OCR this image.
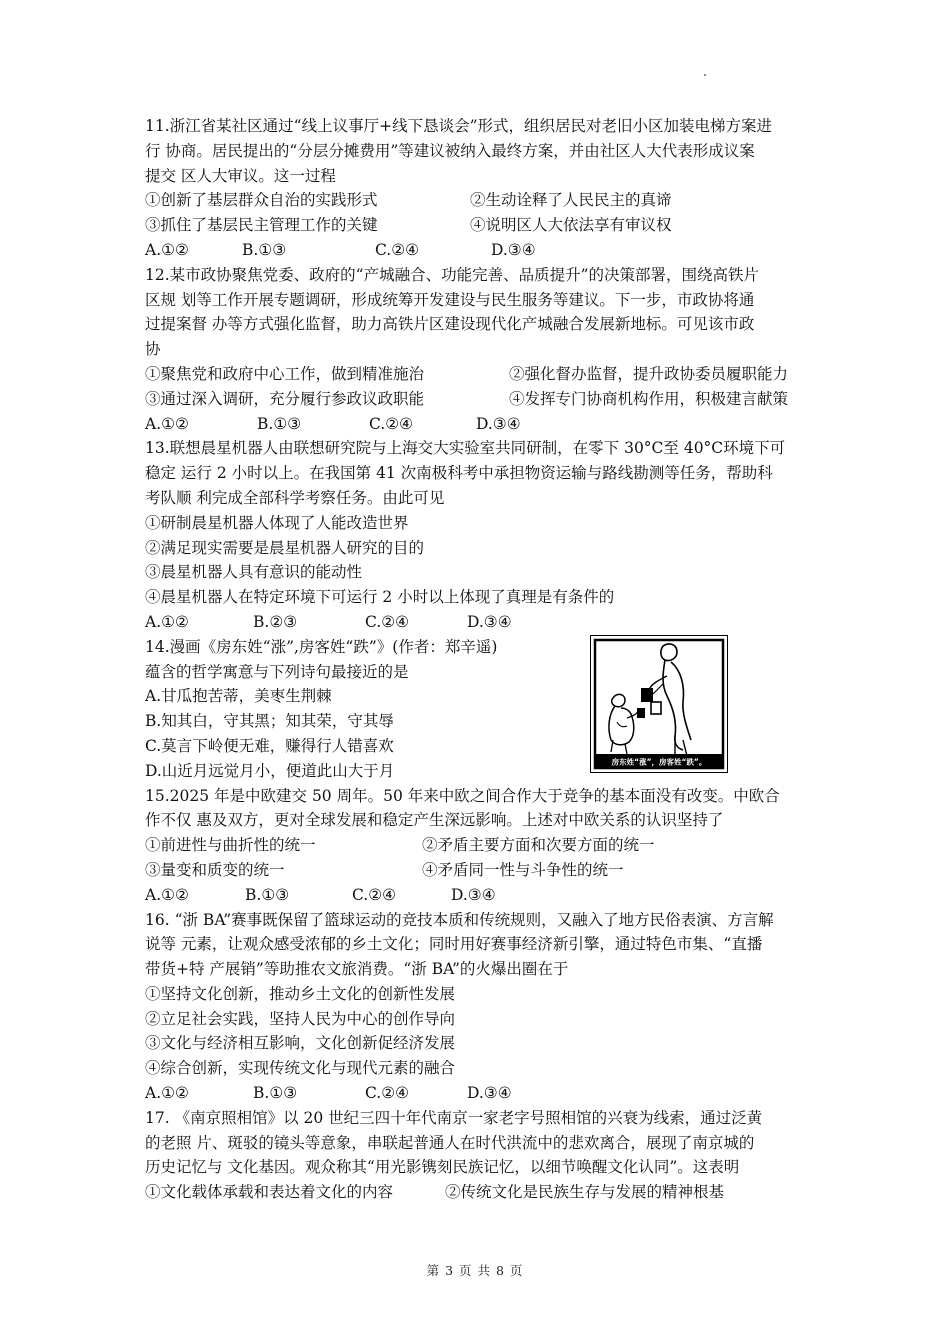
11.浙江省某社区通过“线上议事厅+线下恳谈会”形式，组织居民对老旧小区加装电梯方案进
行 协商。居民提出的“分层分摊费用”等建议被纳入最终方案，并由社区人大代表形成议案
提交 区人大审议。这一过程
①创新了基层群众自治的实践形式	②生动诠释了人民民主的真谛
③抓住了基层民主管理工作的关键	④说明区人大依法享有审议权
A.①②	B.①③	C.②④	D.③④
12.某市政协聚焦党委、政府的“产城融合、功能完善、品质提升”的决策部署，围绕高铁片
区规 划等工作开展专题调研，形成统筹开发建设与民生服务等建议。下一步，市政协将通
过提案督 办等方式强化监督，助力高铁片区建设现代化产城融合发展新地标。可见该市政
协
①聚焦党和政府中心工作，做到精准施治	②强化督办监督，提升政协委员履职能力
③通过深入调研，充分履行参政议政职能	④发挥专门协商机构作用，积极建言献策
A.①②	B.①③	C.②④	D.③④
13.联想晨星机器人由联想研究院与上海交大实验室共同研制，在零下 30°C至 40°C环境下可
稳定 运行 2 小时以上。在我国第 41 次南极科考中承担物资运输与路线勘测等任务，帮助科
考队顺 利完成全部科学考察任务。由此可见
①研制晨星机器人体现了人能改造世界
②满足现实需要是晨星机器人研究的目的
③晨星机器人具有意识的能动性
④晨星机器人在特定环境下可运行 2 小时以上体现了真理是有条件的
A.①②	B.②③	C.②④	D.③④
14.漫画《房东姓“涨”,房客姓“跌”》(作者：郑辛遥)
蕴含的哲学寓意与下列诗句最接近的是
A.甘瓜抱苦蒂，美枣生荆棘
B.知其白，守其黑；知其荣，守其辱
C.莫言下岭便无难，赚得行人错喜欢
D.山近月远觉月小，便道此山大于月	房东姓“涨”，房客姓“跌”。
15.2025 年是中欧建交 50 周年。50 年来中欧之间合作大于竞争的基本面没有改变。中欧合
作不仅 惠及双方，更对全球发展和稳定产生深远影响。上述对中欧关系的认识坚持了
①前进性与曲折性的统一	②矛盾主要方面和次要方面的统一
③量变和质变的统一	④矛盾同一性与斗争性的统一
A.①②	B.①③	C.②④	D.③④
16. “浙 BA”赛事既保留了篮球运动的竞技本质和传统规则，又融入了地方民俗表演、方言解
说等 元素，让观众感受浓郁的乡土文化；同时用好赛事经济新引擎，通过特色市集、“直播
带货+特 产展销”等助推农文旅消费。“浙 BA”的火爆出圈在于
①坚持文化创新，推动乡土文化的创新性发展
②立足社会实践，坚持人民为中心的创作导向
③文化与经济相互影响，文化创新促经济发展
④综合创新，实现传统文化与现代元素的融合
A.①②	B.①③	C.②④	D.③④
17. 《南京照相馆》以 20 世纪三四十年代南京一家老字号照相馆的兴衰为线索，通过泛黄
的老照 片、斑驳的镜头等意象，串联起普通人在时代洪流中的悲欢离合，展现了南京城的
历史记忆与 文化基因。观众称其“用光影镌刻民族记忆，以细节唤醒文化认同”。这表明
①文化载体承载和表达着文化的内容	②传统文化是民族生存与发展的精神根基
第 3 页 共 8 页
